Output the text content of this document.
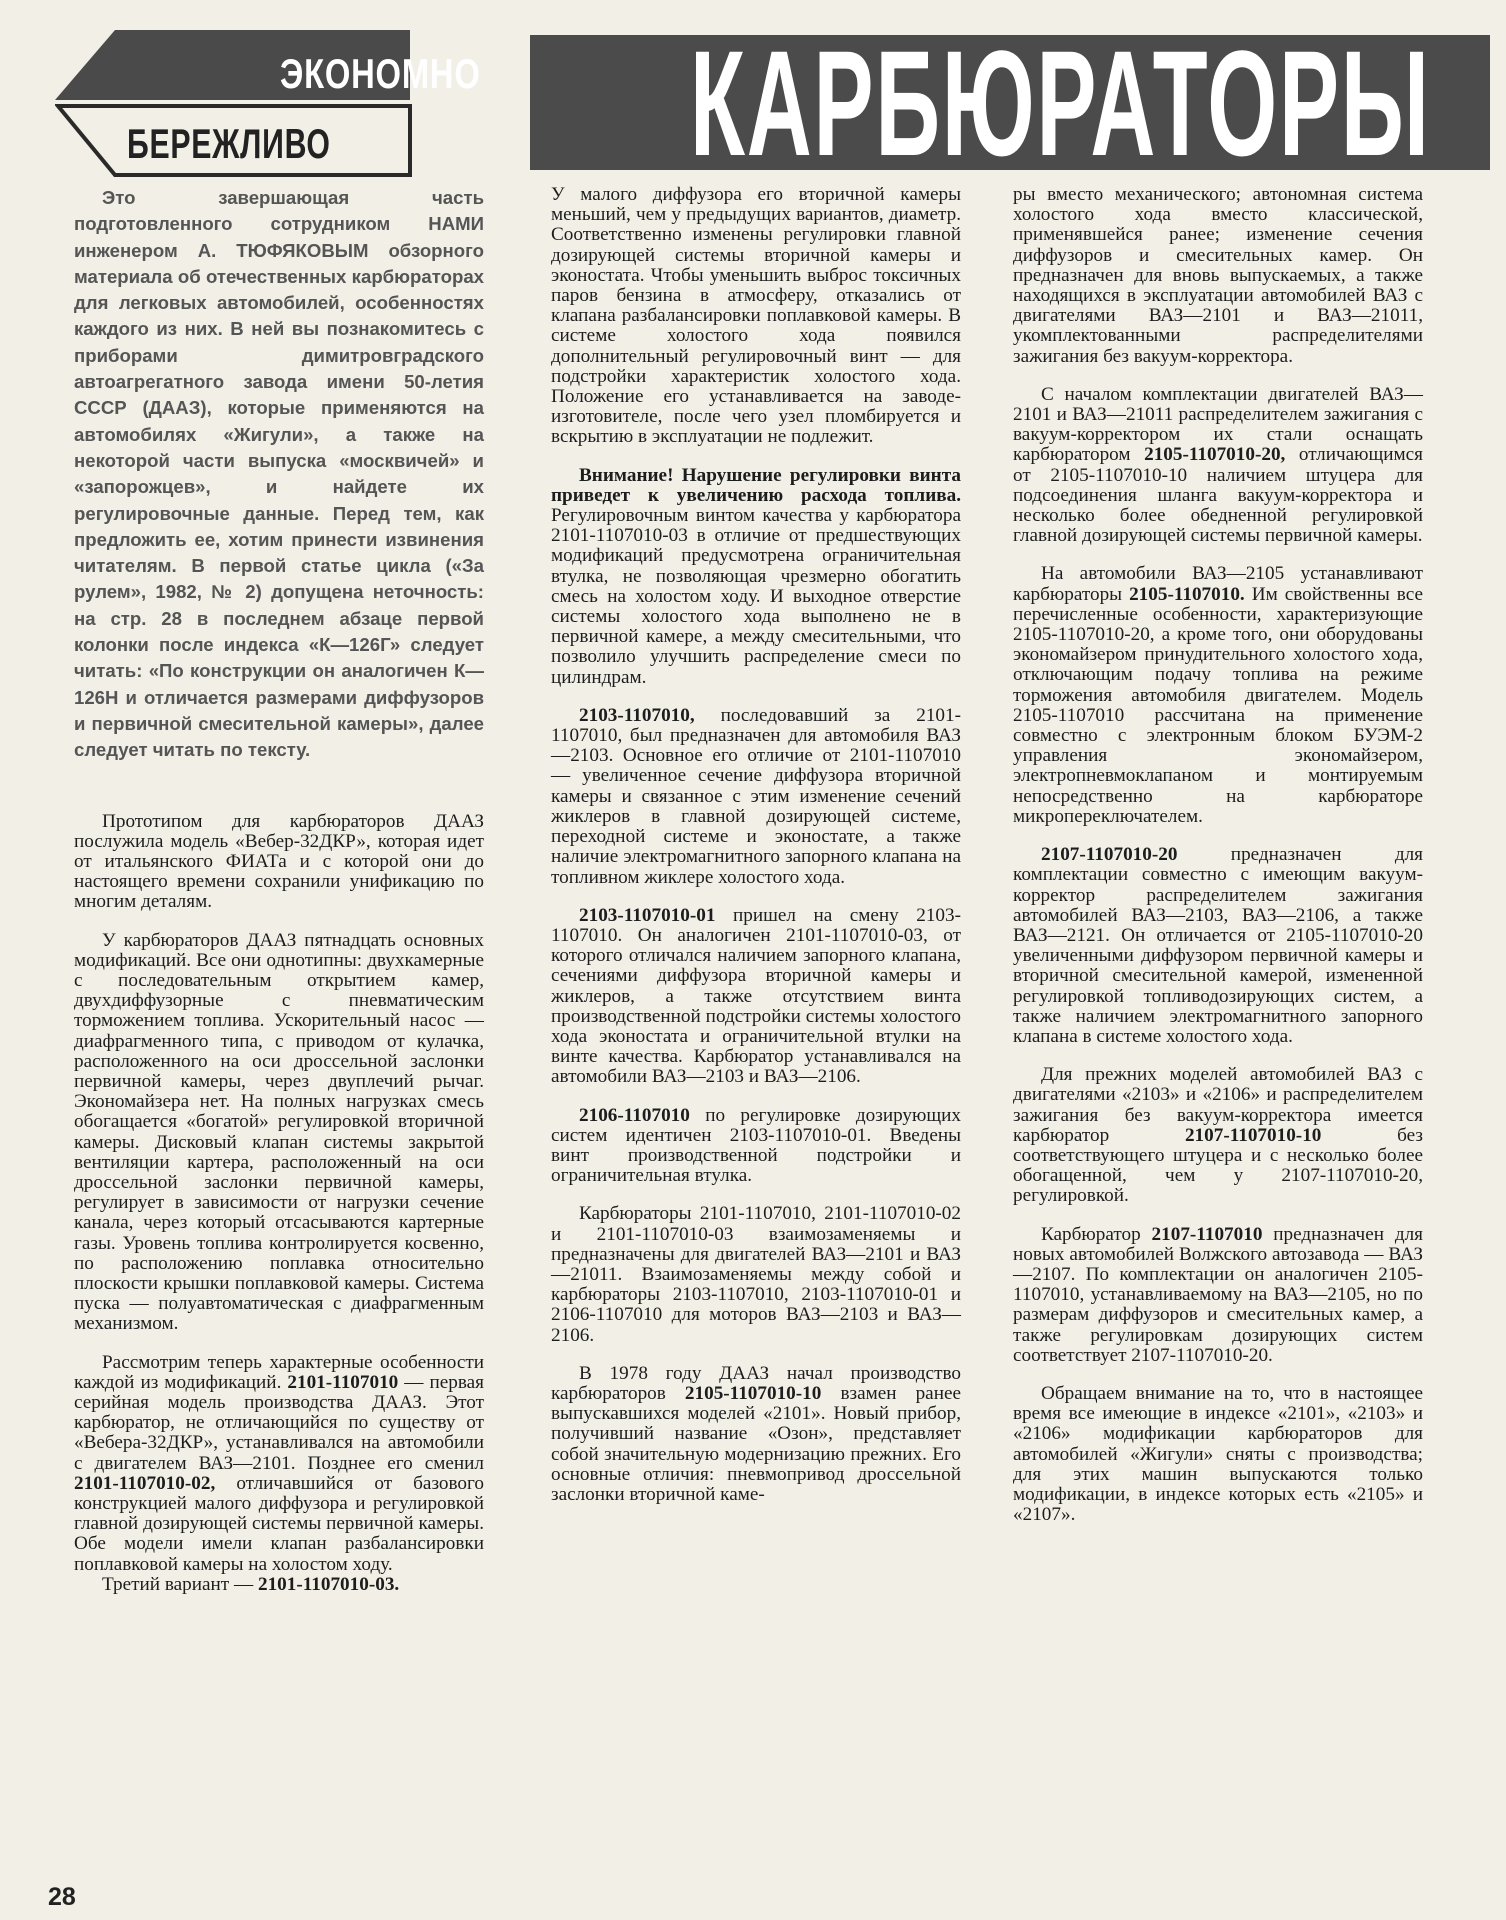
ЭКОНОМНО
БЕРЕЖЛИВО КАРБЮРАТОРЫ

Это завершающая часть подготовленного сотрудником НАМИ инженером А. ТЮФЯКОВЫМ обзорного материала об отечественных карбюраторах для легковых автомобилей, особенностях каждого из них. В ней вы познакомитесь с приборами димитровградского автоагрегатного завода имени 50-летия СССР (ДААЗ), которые применяются на автомобилях «Жигули», а также на некоторой части выпуска «москвичей» и «запорожцев», и найдете их регулировочные данные. Перед тем, как предложить ее, хотим принести извинения читателям. В первой статье цикла («За рулем», 1982, № 2) допущена неточность: на стр. 28 в последнем абзаце первой колонки после индекса «К—126Г» следует читать: «По конструкции он аналогичен К—126Н и отличается размерами диффузоров и первичной смесительной камеры», далее следует читать по тексту.

Прототипом для карбюраторов ДААЗ послужила модель «Вебер-32ДКР», которая идет от итальянского ФИАТа и с которой они до настоящего времени сохранили унификацию по многим деталям.

У карбюраторов ДААЗ пятнадцать основных модификаций. Все они однотипны: двухкамерные с последовательным открытием камер, двухдиффузорные с пневматическим торможением топлива. Ускорительный насос — диафрагменного типа, с приводом от кулачка, расположенного на оси дроссельной заслонки первичной камеры, через двуплечий рычаг. Экономайзера нет. На полных нагрузках смесь обогащается «богатой» регулировкой вторичной камеры. Дисковый клапан системы закрытой вентиляции картера, расположенный на оси дроссельной заслонки первичной камеры, регулирует в зависимости от нагрузки сечение канала, через который отсасываются картерные газы. Уровень топлива контролируется косвенно, по расположению поплавка относительно плоскости крышки поплавковой камеры. Система пуска — полуавтоматическая с диафрагменным механизмом.

Рассмотрим теперь характерные особенности каждой из модификаций. 2101-1107010 — первая серийная модель производства ДААЗ. Этот карбюратор, не отличающийся по существу от «Вебера-32ДКР», устанавливался на автомобили с двигателем ВАЗ—2101. Позднее его сменил 2101-1107010-02, отличавшийся от базового конструкцией малого диффузора и регулировкой главной дозирующей системы первичной камеры. Обе модели имели клапан разбалансировки поплавковой камеры на холостом ходу.

Третий вариант — 2101-1107010-03.

У малого диффузора его вторичной камеры меньший, чем у предыдущих вариантов, диаметр. Соответственно изменены регулировки главной дозирующей системы вторичной камеры и эконостата. Чтобы уменьшить выброс токсичных паров бензина в атмосферу, отказались от клапана разбалансировки поплавковой камеры. В системе холостого хода появился дополнительный регулировочный винт — для подстройки характеристик холостого хода. Положение его устанавливается на заводе-изготовителе, после чего узел пломбируется и вскрытию в эксплуатации не подлежит.

Внимание! Нарушение регулировки винта приведет к увеличению расхода топлива. Регулировочным винтом качества у карбюратора 2101-1107010-03 в отличие от предшествующих модификаций предусмотрена ограничительная втулка, не позволяющая чрезмерно обогатить смесь на холостом ходу. И выходное отверстие системы холостого хода выполнено не в первичной камере, а между смесительными, что позволило улучшить распределение смеси по цилиндрам.

2103-1107010, последовавший за 2101-1107010, был предназначен для автомобиля ВАЗ—2103. Основное его отличие от 2101-1107010 — увеличенное сечение диффузора вторичной камеры и связанное с этим изменение сечений жиклеров в главной дозирующей системе, переходной системе и эконостате, а также наличие электромагнитного запорного клапана на топливном жиклере холостого хода.

2103-1107010-01 пришел на смену 2103-1107010. Он аналогичен 2101-1107010-03, от которого отличался наличием запорного клапана, сечениями диффузора вторичной камеры и жиклеров, а также отсутствием винта производственной подстройки системы холостого хода эконостата и ограничительной втулки на винте качества. Карбюратор устанавливался на автомобили ВАЗ—2103 и ВАЗ—2106.

2106-1107010 по регулировке дозирующих систем идентичен 2103-1107010-01. Введены винт производственной подстройки и ограничительная втулка.

Карбюраторы 2101-1107010, 2101-1107010-02 и 2101-1107010-03 взаимозаменяемы и предназначены для двигателей ВАЗ—2101 и ВАЗ—21011. Взаимозаменяемы между собой и карбюраторы 2103-1107010, 2103-1107010-01 и 2106-1107010 для моторов ВАЗ—2103 и ВАЗ—2106.

В 1978 году ДААЗ начал производство карбюраторов 2105-1107010-10 взамен ранее выпускавшихся моделей «2101». Новый прибор, получивший название «Озон», представляет собой значительную модернизацию прежних. Его основные отличия: пневмопривод дроссельной заслонки вторичной каме-

ры вместо механического; автономная система холостого хода вместо классической, применявшейся ранее; изменение сечения диффузоров и смесительных камер. Он предназначен для вновь выпускаемых, а также находящихся в эксплуатации автомобилей ВАЗ с двигателями ВАЗ—2101 и ВАЗ—21011, укомплектованными распределителями зажигания без вакуум-корректора.

С началом комплектации двигателей ВАЗ—2101 и ВАЗ—21011 распределителем зажигания с вакуум-корректором их стали оснащать карбюратором 2105-1107010-20, отличающимся от 2105-1107010-10 наличием штуцера для подсоединения шланга вакуум-корректора и несколько более обедненной регулировкой главной дозирующей системы первичной камеры.

На автомобили ВАЗ—2105 устанавливают карбюраторы 2105-1107010. Им свойственны все перечисленные особенности, характеризующие 2105-1107010-20, а кроме того, они оборудованы экономайзером принудительного холостого хода, отключающим подачу топлива на режиме торможения автомобиля двигателем. Модель 2105-1107010 рассчитана на применение совместно с электронным блоком БУЭМ-2 управления экономайзером, электропневмоклапаном и монтируемым непосредственно на карбюраторе микропереключателем.

2107-1107010-20	предназначен для комплектации совместно с имеющим вакуум-корректор распределителем зажигания автомобилей ВАЗ—2103, ВАЗ—2106, а также ВАЗ—2121. Он отличается от 2105-1107010-20 увеличенными диффузором первичной камеры и вторичной смесительной камерой, измененной регулировкой топливодозирующих систем, а также наличием электромагнитного запорного клапана в системе холостого хода.

Для прежних моделей автомобилей ВАЗ с двигателями «2103» и «2106» и распределителем зажигания без вакуум-корректора имеется карбюратор	2107-1107010-10	без соответствующего штуцера и с несколько более обогащенной, чем у 2107-1107010-20, регулировкой.

Карбюратор 2107-1107010 предназначен для новых автомобилей Волжского автозавода — ВАЗ—2107. По комплектации он аналогичен 2105-1107010, устанавливаемому на ВАЗ—2105, но по размерам диффузоров и смесительных камер, а также регулировкам дозирующих систем соответствует 2107-1107010-20.

Обращаем внимание на то, что в настоящее время все имеющие в индексе «2101», «2103» и «2106» модификации карбюраторов для автомобилей «Жигули» сняты с производства; для этих машин выпускаются только модификации, в индексе которых есть «2105» и «2107».

28
